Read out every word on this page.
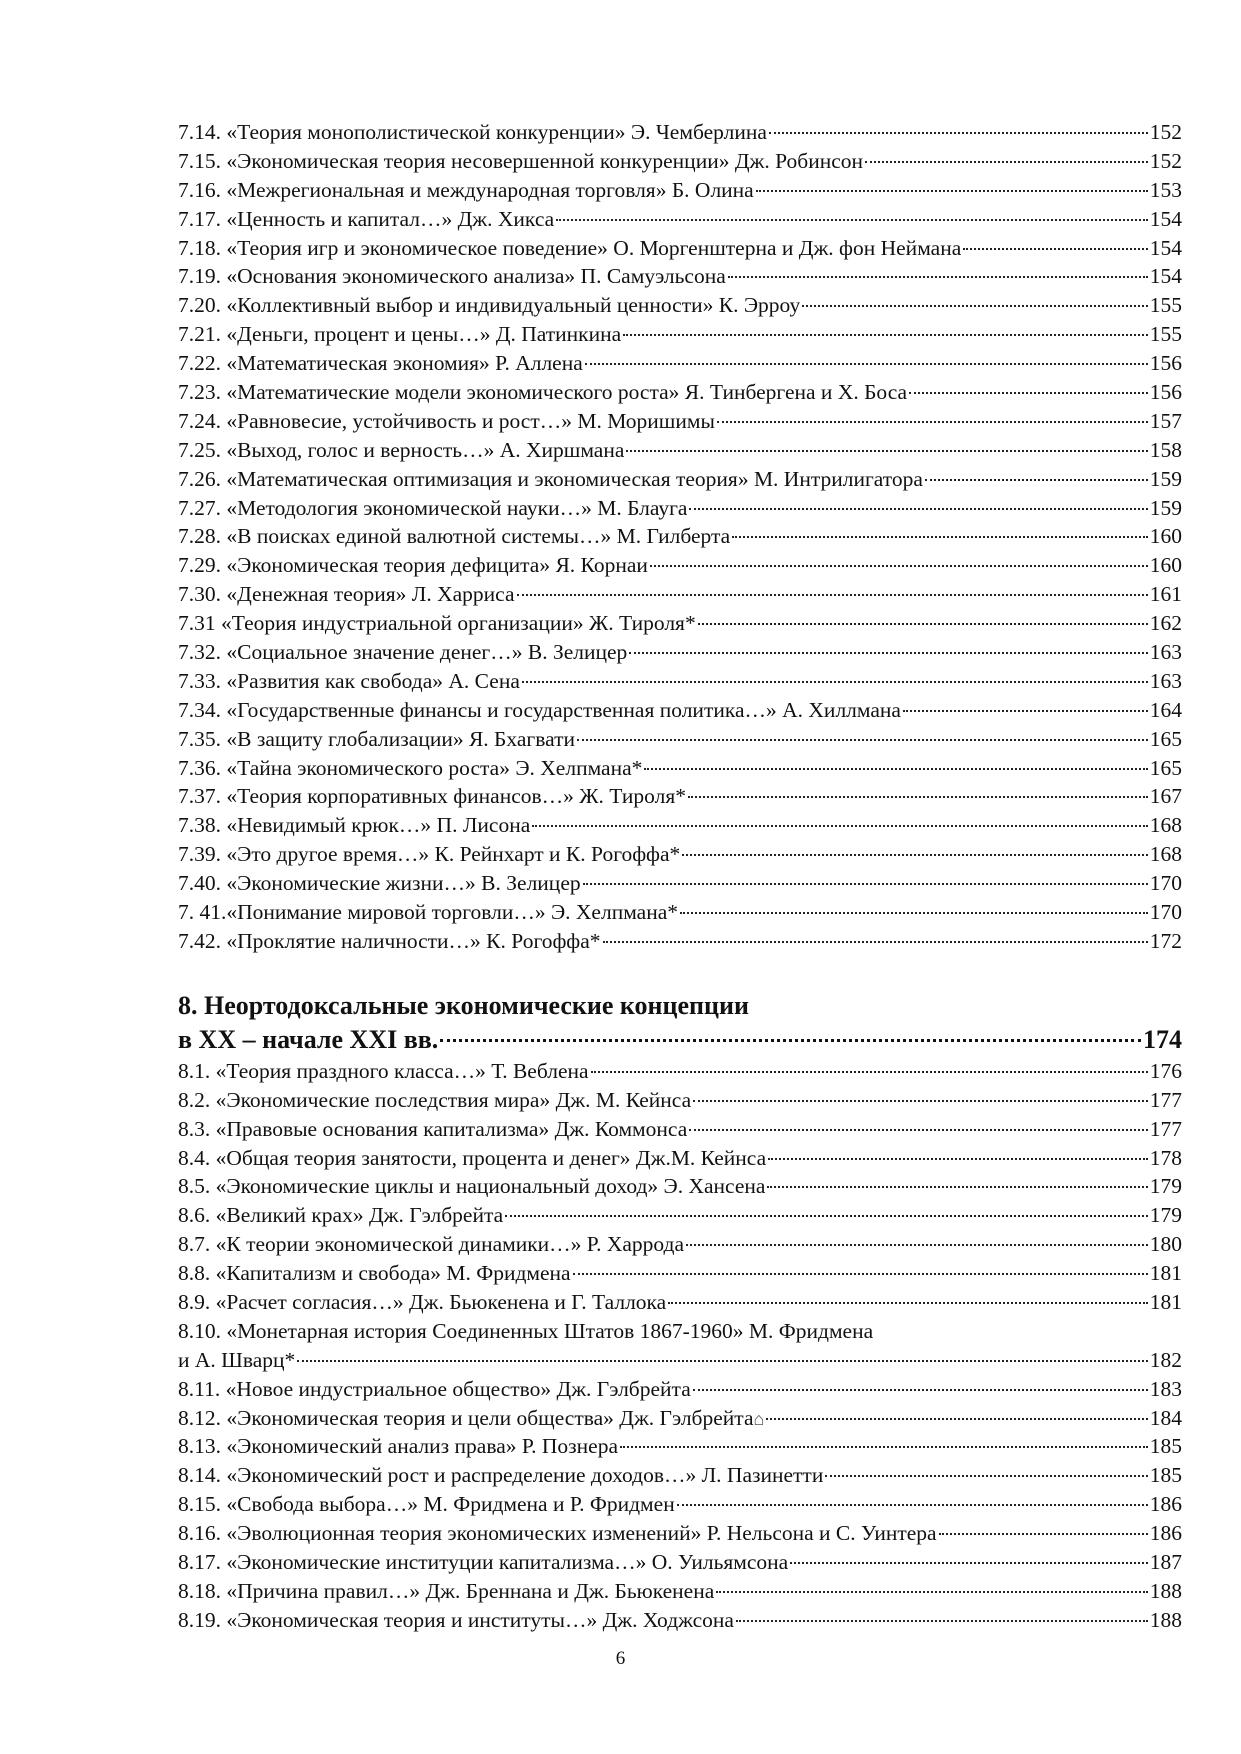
7.14. «Теория монополистической конкуренции» Э. Чемберлина	152
7.15. «Экономическая теория несовершенной конкуренции» Дж. Робинсон	152
7.16. «Межрегиональная и международная торговля» Б. Олина	153
7.17. «Ценность и капитал…» Дж. Хикса	154
7.18. «Теория игр и экономическое поведение» О. Моргенштерна и Дж. фон Неймана	154
7.19. «Основания экономического анализа» П. Самуэльсона	154
7.20. «Коллективный выбор и индивидуальный ценности» К. Эрроу	155
7.21. «Деньги, процент и цены…» Д. Патинкина	155
7.22. «Математическая экономия» Р. Аллена	156
7.23. «Математические модели экономического роста» Я. Тинбергена и Х. Боса	156
7.24. «Равновесие, устойчивость и рост…» М. Моришимы	157
7.25. «Выход, голос и верность…» А. Хиршмана	158
7.26. «Математическая оптимизация и экономическая теория» М. Интрилигатора	159
7.27. «Методология экономической науки…» М. Блауга	159
7.28. «В поисках единой валютной системы…» М. Гилберта	160
7.29. «Экономическая теория дефицита» Я. Корнаи	160
7.30. «Денежная теория» Л. Харриса	161
7.31 «Теория индустриальной организации» Ж. Тироля*	162
7.32. «Социальное значение денег…» В. Зелицер	163
7.33. «Развития как свобода» А. Сена	163
7.34. «Государственные финансы и государственная политика…» А. Хиллмана	164
7.35. «В защиту глобализации» Я. Бхагвати	165
7.36. «Тайна экономического роста» Э. Хелпмана*	165
7.37. «Теория корпоративных финансов…» Ж. Тироля*	167
7.38. «Невидимый крюк…» П. Лисона	168
7.39. «Это другое время…» К. Рейнхарт и К. Рогоффа*	168
7.40. «Экономические жизни…» В. Зелицер	170
7. 41.«Понимание мировой торговли…» Э. Хелпмана*	170
7.42. «Проклятие наличности…» К. Рогоффа*	172
8. Неортодоксальные экономические концепции
в ХХ – начале ХХI вв.	174
8.1. «Теория праздного класса…» Т. Веблена	176
8.2. «Экономические последствия мира» Дж. М. Кейнса	177
8.3. «Правовые основания капитализма» Дж. Коммонса	177
8.4. «Общая теория занятости, процента и денег» Дж.М. Кейнса	178
8.5. «Экономические циклы и национальный доход» Э. Хансена	179
8.6. «Великий крах» Дж. Гэлбрейта	179
8.7. «К теории экономической динамики…» Р. Харрода	180
8.8. «Капитализм и свобода» М. Фридмена	181
8.9. «Расчет согласия…» Дж. Бьюкенена и Г. Таллока	181
8.10. «Монетарная история Соединенных Штатов 1867-1960» М. Фридмена
и А. Шварц*	182
8.11. «Новое индустриальное общество» Дж. Гэлбрейта	183
8.12. «Экономическая теория и цели общества» Дж. Гэлбрейта⌂	184
8.13. «Экономический анализ права» Р. Познера	185
8.14. «Экономический рост и распределение доходов…» Л. Пазинетти	185
8.15. «Свобода выбора…» М. Фридмена и Р. Фридмен	186
8.16. «Эволюционная теория экономических изменений» Р. Нельсона и С. Уинтера	186
8.17. «Экономические институции капитализма…» О. Уильямсона	187
8.18. «Причина правил…» Дж. Бреннана и Дж. Бьюкенена	188
8.19. «Экономическая теория и институты…» Дж. Ходжсона	188
6
